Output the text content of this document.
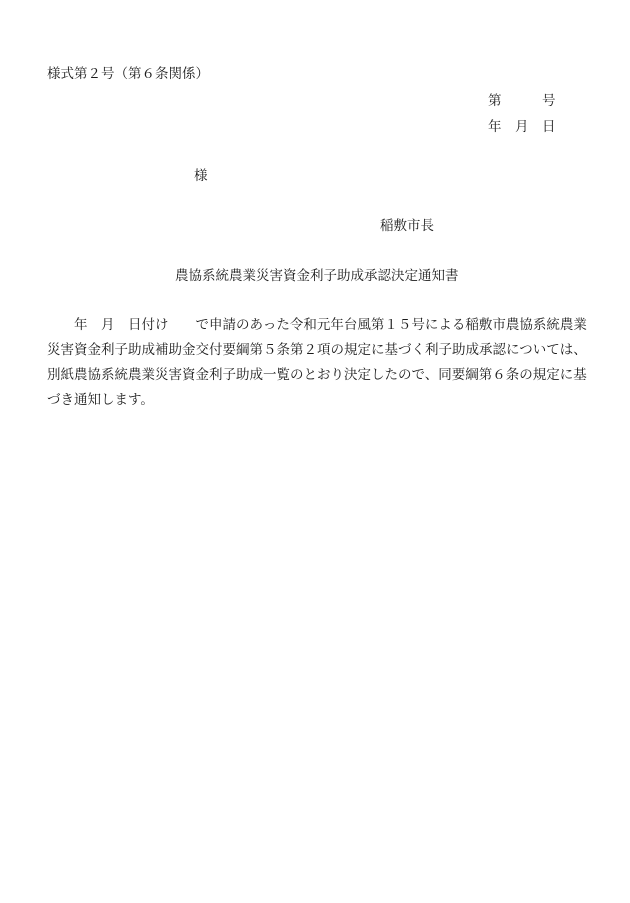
様式第２号（第６条関係）
第　　　号
年　月　日
様
稲敷市長
農協系統農業災害資金利子助成承認決定通知書
　　年　月　日付け　　で申請のあった令和元年台風第１５号による稲敷市農協系統農業
災害資金利子助成補助金交付要綱第５条第２項の規定に基づく利子助成承認については、
別紙農協系統農業災害資金利子助成一覧のとおり決定したので、同要綱第６条の規定に基
づき通知します。
